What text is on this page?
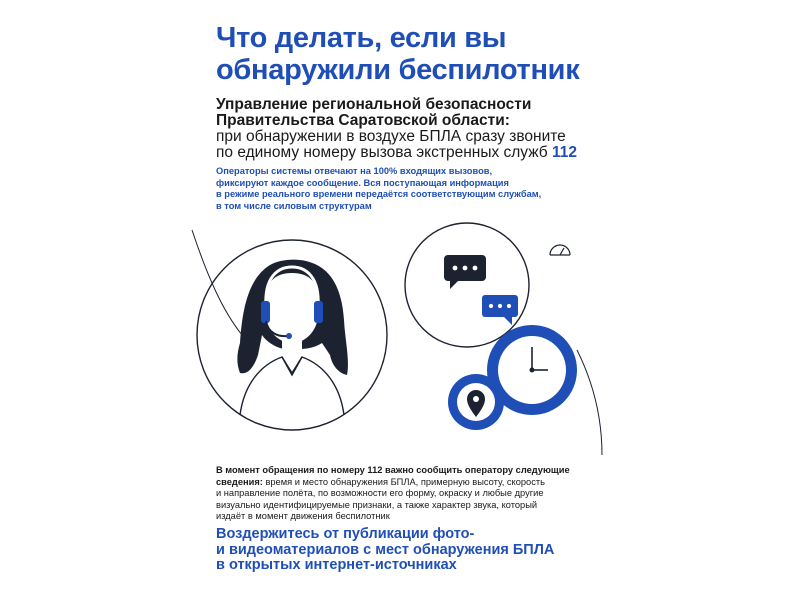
Что делать, если вы
обнаружили беспилотник
Управление региональной безопасности
Правительства Саратовской области:
при обнаружении в воздухе БПЛА сразу звоните
по единому номеру вызова экстренных служб 112
Операторы системы отвечают на 100% входящих вызовов,
фиксируют каждое сообщение. Вся поступающая информация
в режиме реального времени передаётся соответствующим службам,
в том числе силовым структурам
В момент обращения по номеру 112 важно сообщить оператору следующие
сведения: время и место обнаружения БПЛА, примерную высоту, скорость
и направление полёта, по возможности его форму, окраску и любые другие
визуально идентифицируемые признаки, а также характер звука, который
издаёт в момент движения беспилотник
Воздержитесь от публикации фото-
и видеоматериалов с мест обнаружения БПЛА
в открытых интернет-источниках
